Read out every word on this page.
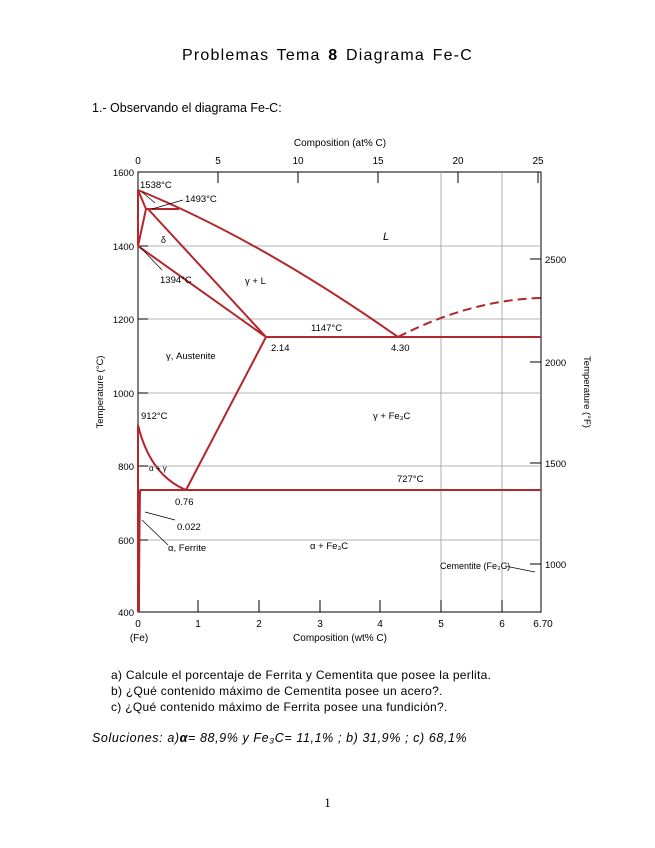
Problemas Tema 8 Diagrama Fe-C
1.- Observando el diagrama Fe-C:
Composition (at% C)
0	5	10	15	20	25
1600
1400
1200
1000
800
600
400
2500
2000
1500
1000
Temperature (°C)	Temperature (°F)
0	1	2	3	4	5	6	6.70
(Fe)	Composition (wt% C)
1538°C
1493°C
1394°C
δ	L
γ + L
1147°C
2.14	4.30
γ, Austenite
912°C	γ + Fe₃C
727°C
α + γ
0.76
0.022
α + Fe₃C
α, Ferrite
Cementite (Fe₃C)
a) Calcule el porcentaje de Ferrita y Cementita que posee la perlita.
b) ¿Qué contenido máximo de Cementita posee un acero?.
c) ¿Qué contenido máximo de Ferrita posee una fundición?.
Soluciones: a)α= 88,9% y Fe₃C= 11,1% ; b) 31,9% ; c) 68,1%
1
